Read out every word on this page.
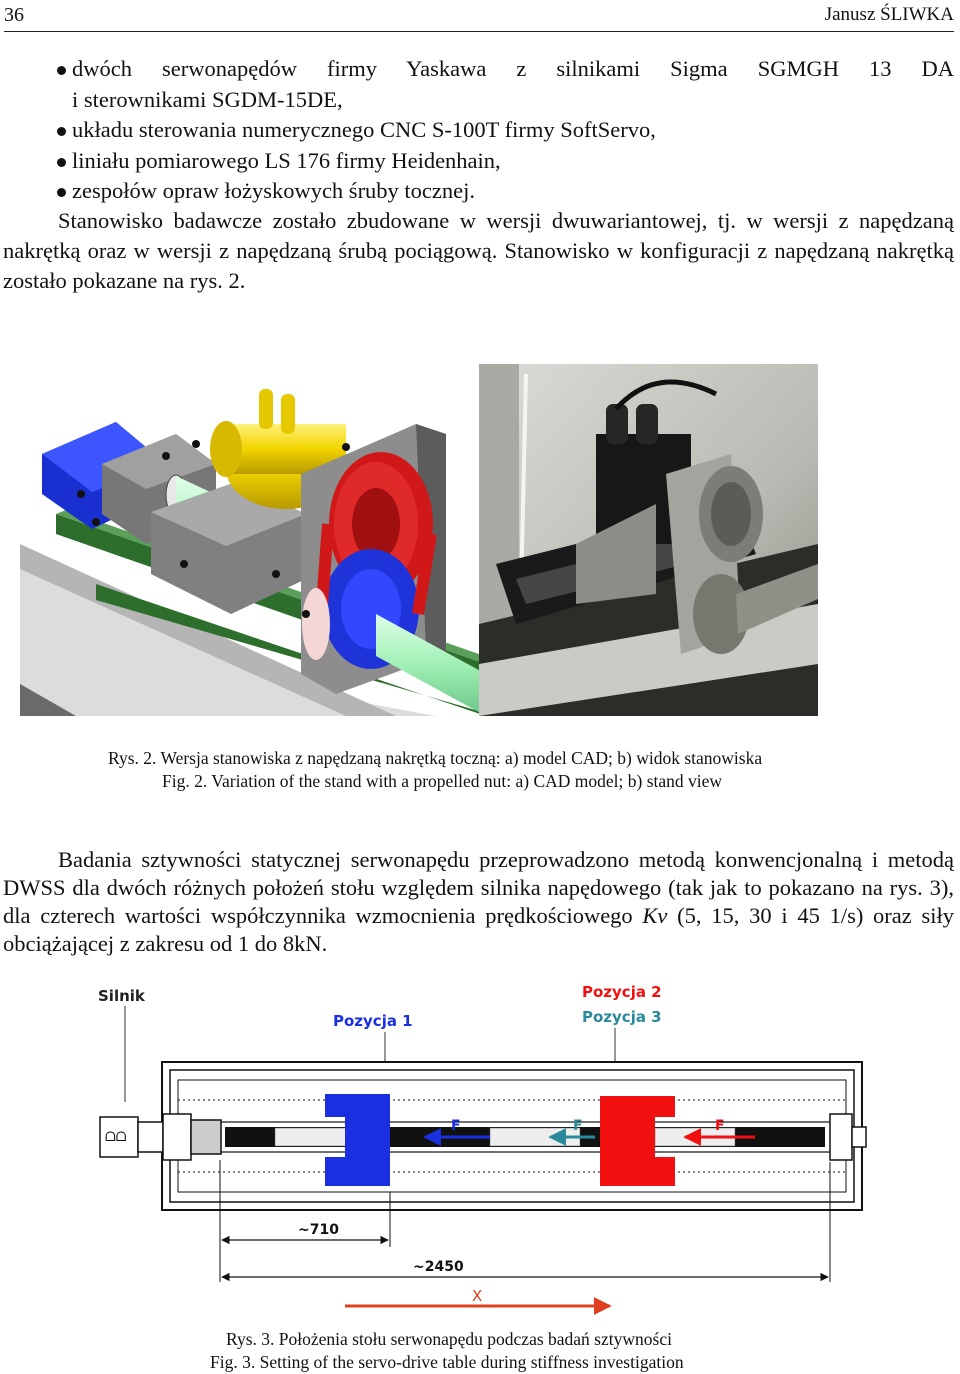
36	Janusz ŚLIWKA
dwóch serwonapędów firmy Yaskawa z silnikami Sigma SGMGH 13 DA
i sterownikami SGDM-15DE,
układu sterowania numerycznego CNC S-100T firmy SoftServo,
liniału pomiarowego LS 176 firmy Heidenhain,
zespołów opraw łożyskowych śruby tocznej.

Stanowisko badawcze zostało zbudowane w wersji dwuwariantowej, tj. w wersji z napędzaną nakrętką oraz w wersji z napędzaną śrubą pociągową. Stanowisko w konfiguracji z napędzaną nakrętką zostało pokazane na rys. 2.

Rys. 2. Wersja stanowiska z napędzaną nakrętką toczną: a) model CAD; b) widok stanowiska
Fig. 2. Variation of the stand with a propelled nut: a) CAD model; b) stand view

Badania sztywności statycznej serwonapędu przeprowadzono metodą konwencjonalną i metodą DWSS dla dwóch różnych położeń stołu względem silnika napędowego (tak jak to pokazano na rys. 3), dla czterech wartości współczynnika wzmocnienia prędkościowego Kv (5, 15, 30 i 45 1/s) oraz siły obciążającej z zakresu od 1 do 8kN.

Silnik
Pozycja 1
Pozycja 2
Pozycja 3
ᗝᗝ
F	F	F
~710
~2450
X
Rys. 3. Położenia stołu serwonapędu podczas badań sztywności
Fig. 3. Setting of the servo-drive table during stiffness investigation
